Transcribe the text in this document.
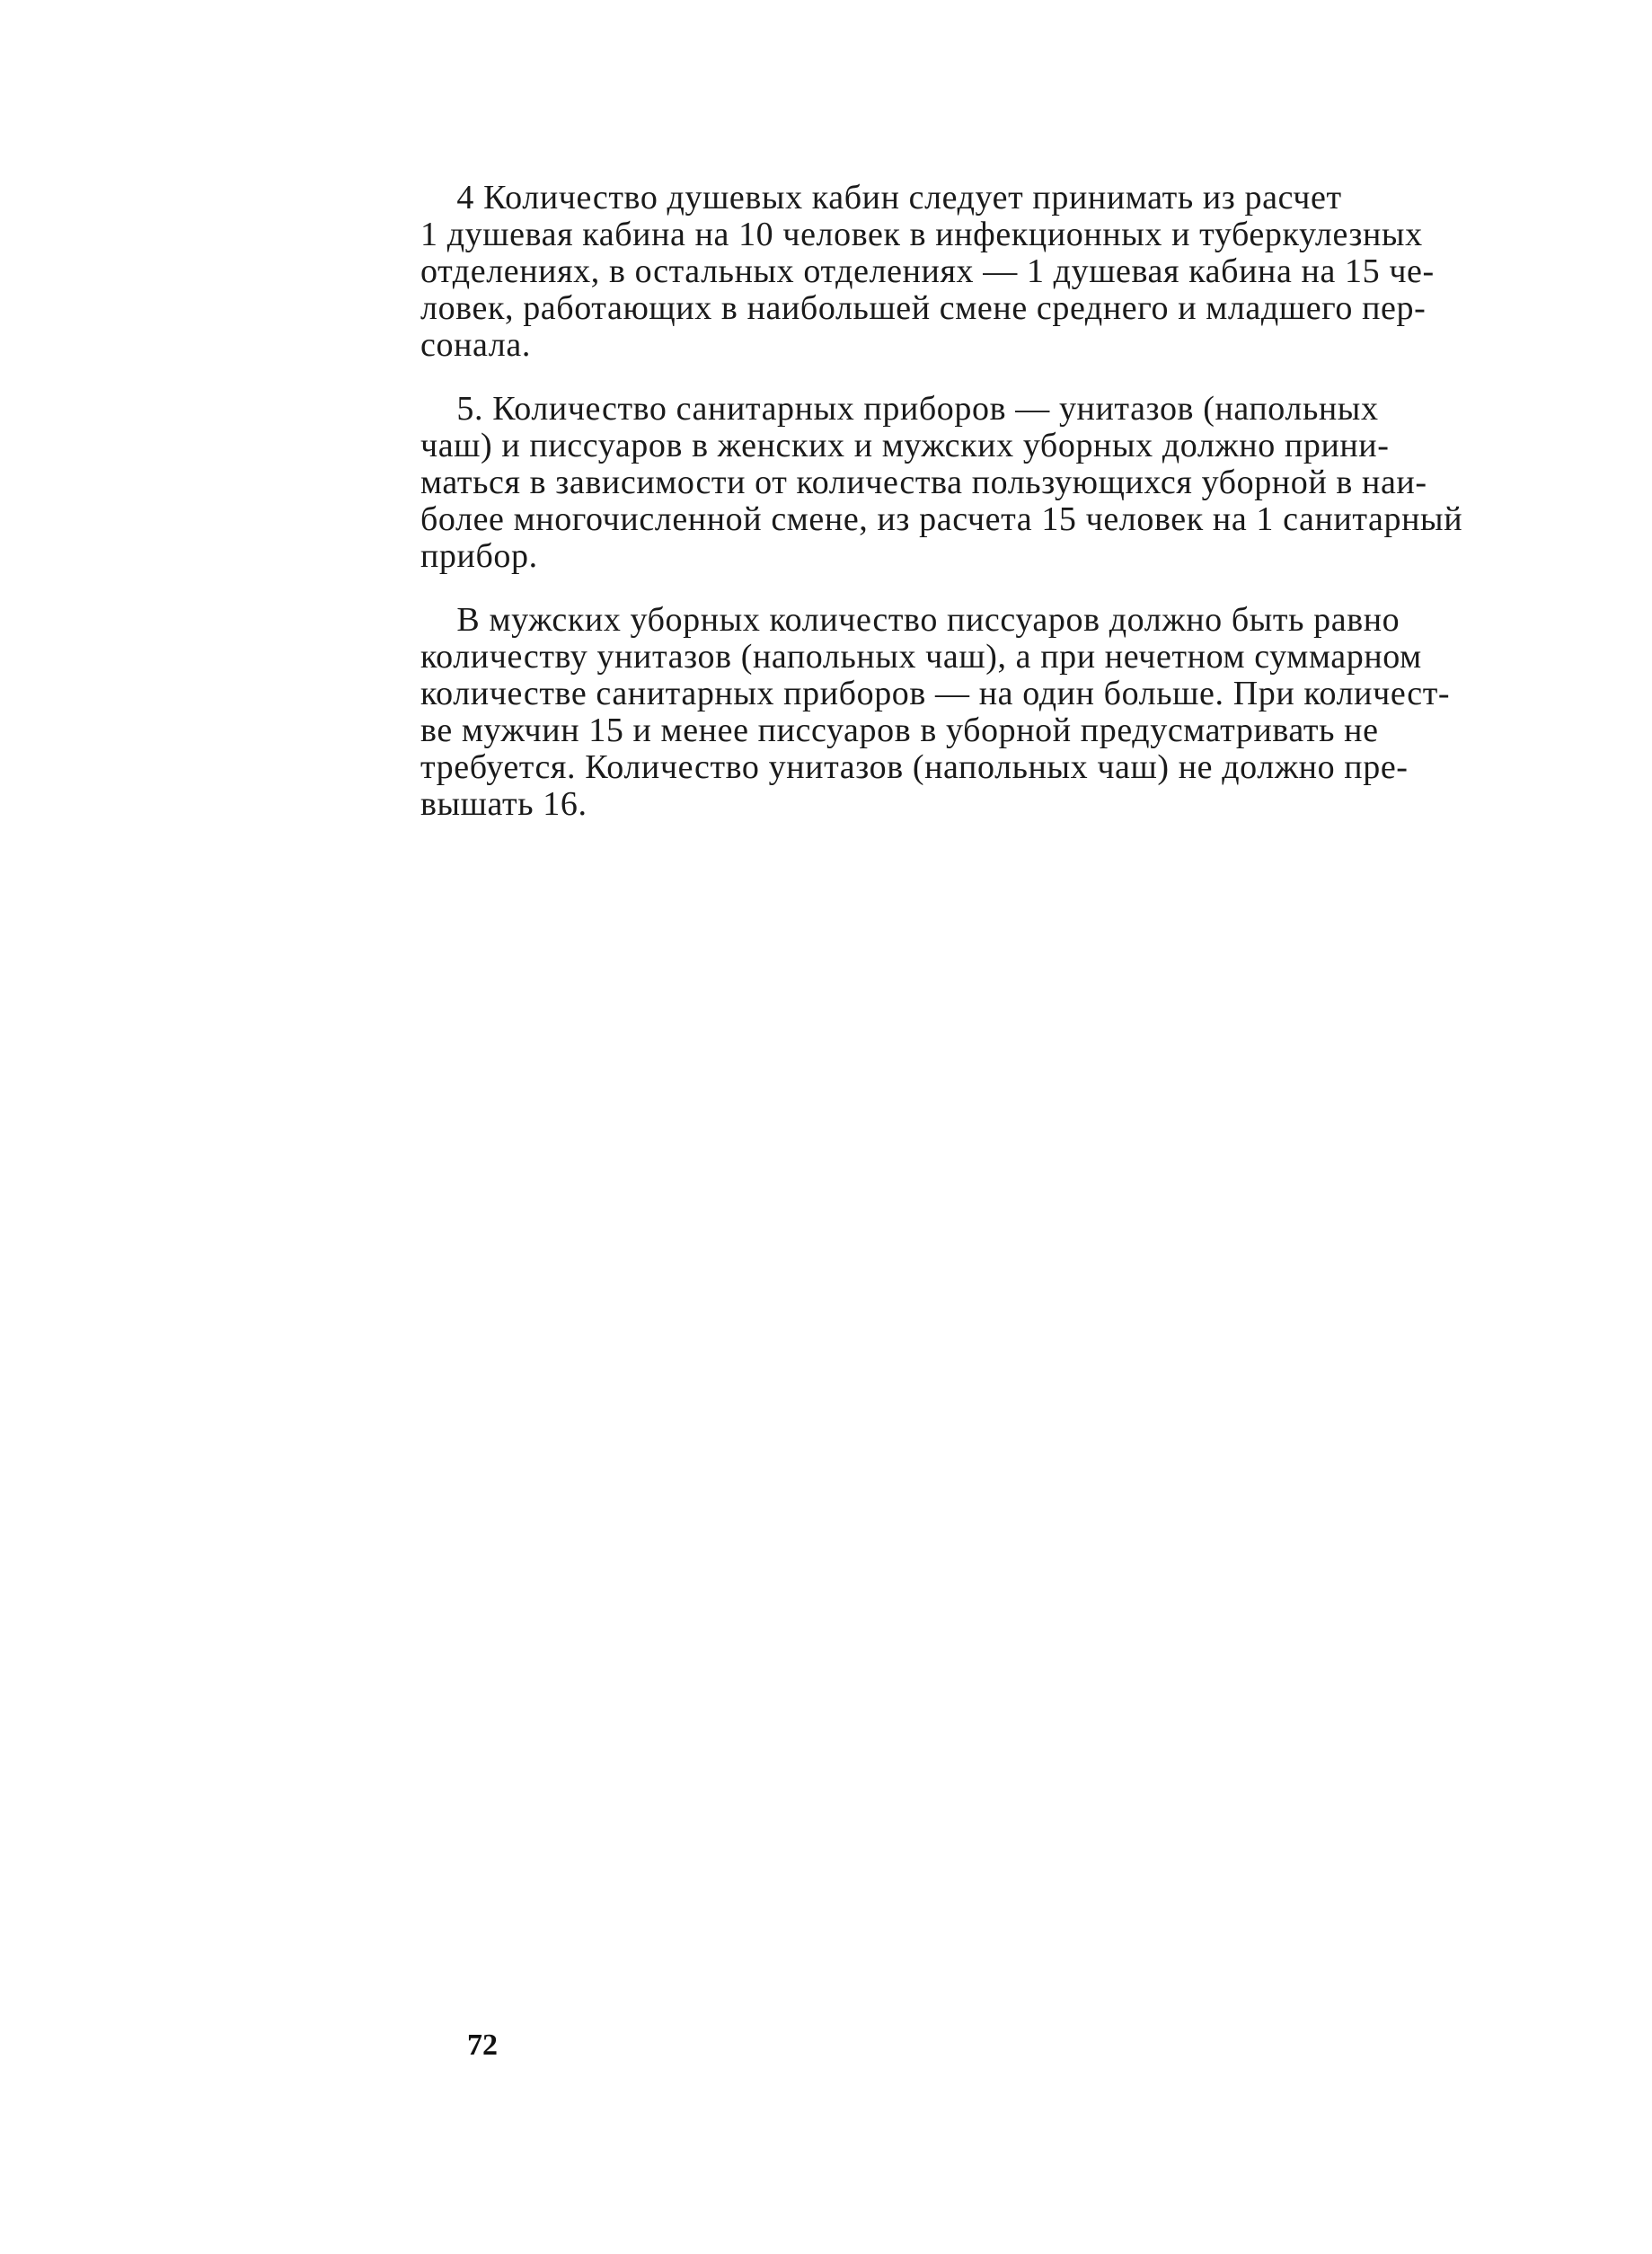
4 Количество душевых кабин следует принимать из расчет
1 душевая кабина на 10 человек в инфекционных и туберкулезных
отделениях, в остальных отделениях — 1 душевая кабина на 15 че-
ловек, работающих в наибольшей смене среднего и младшего пер-
сонала.
5. Количество санитарных приборов — унитазов (напольных
чаш) и писсуаров в женских и мужских уборных должно прини-
маться в зависимости от количества пользующихся уборной в наи-
более многочисленной смене, из расчета 15 человек на 1 санитарный
прибор.
В мужских уборных количество писсуаров должно быть равно
количеству унитазов (напольных чаш), а при нечетном суммарном
количестве санитарных приборов — на один больше. При количест-
ве мужчин 15 и менее писсуаров в уборной предусматривать не
требуется. Количество унитазов (напольных чаш) не должно пре-
вышать 16.
72
